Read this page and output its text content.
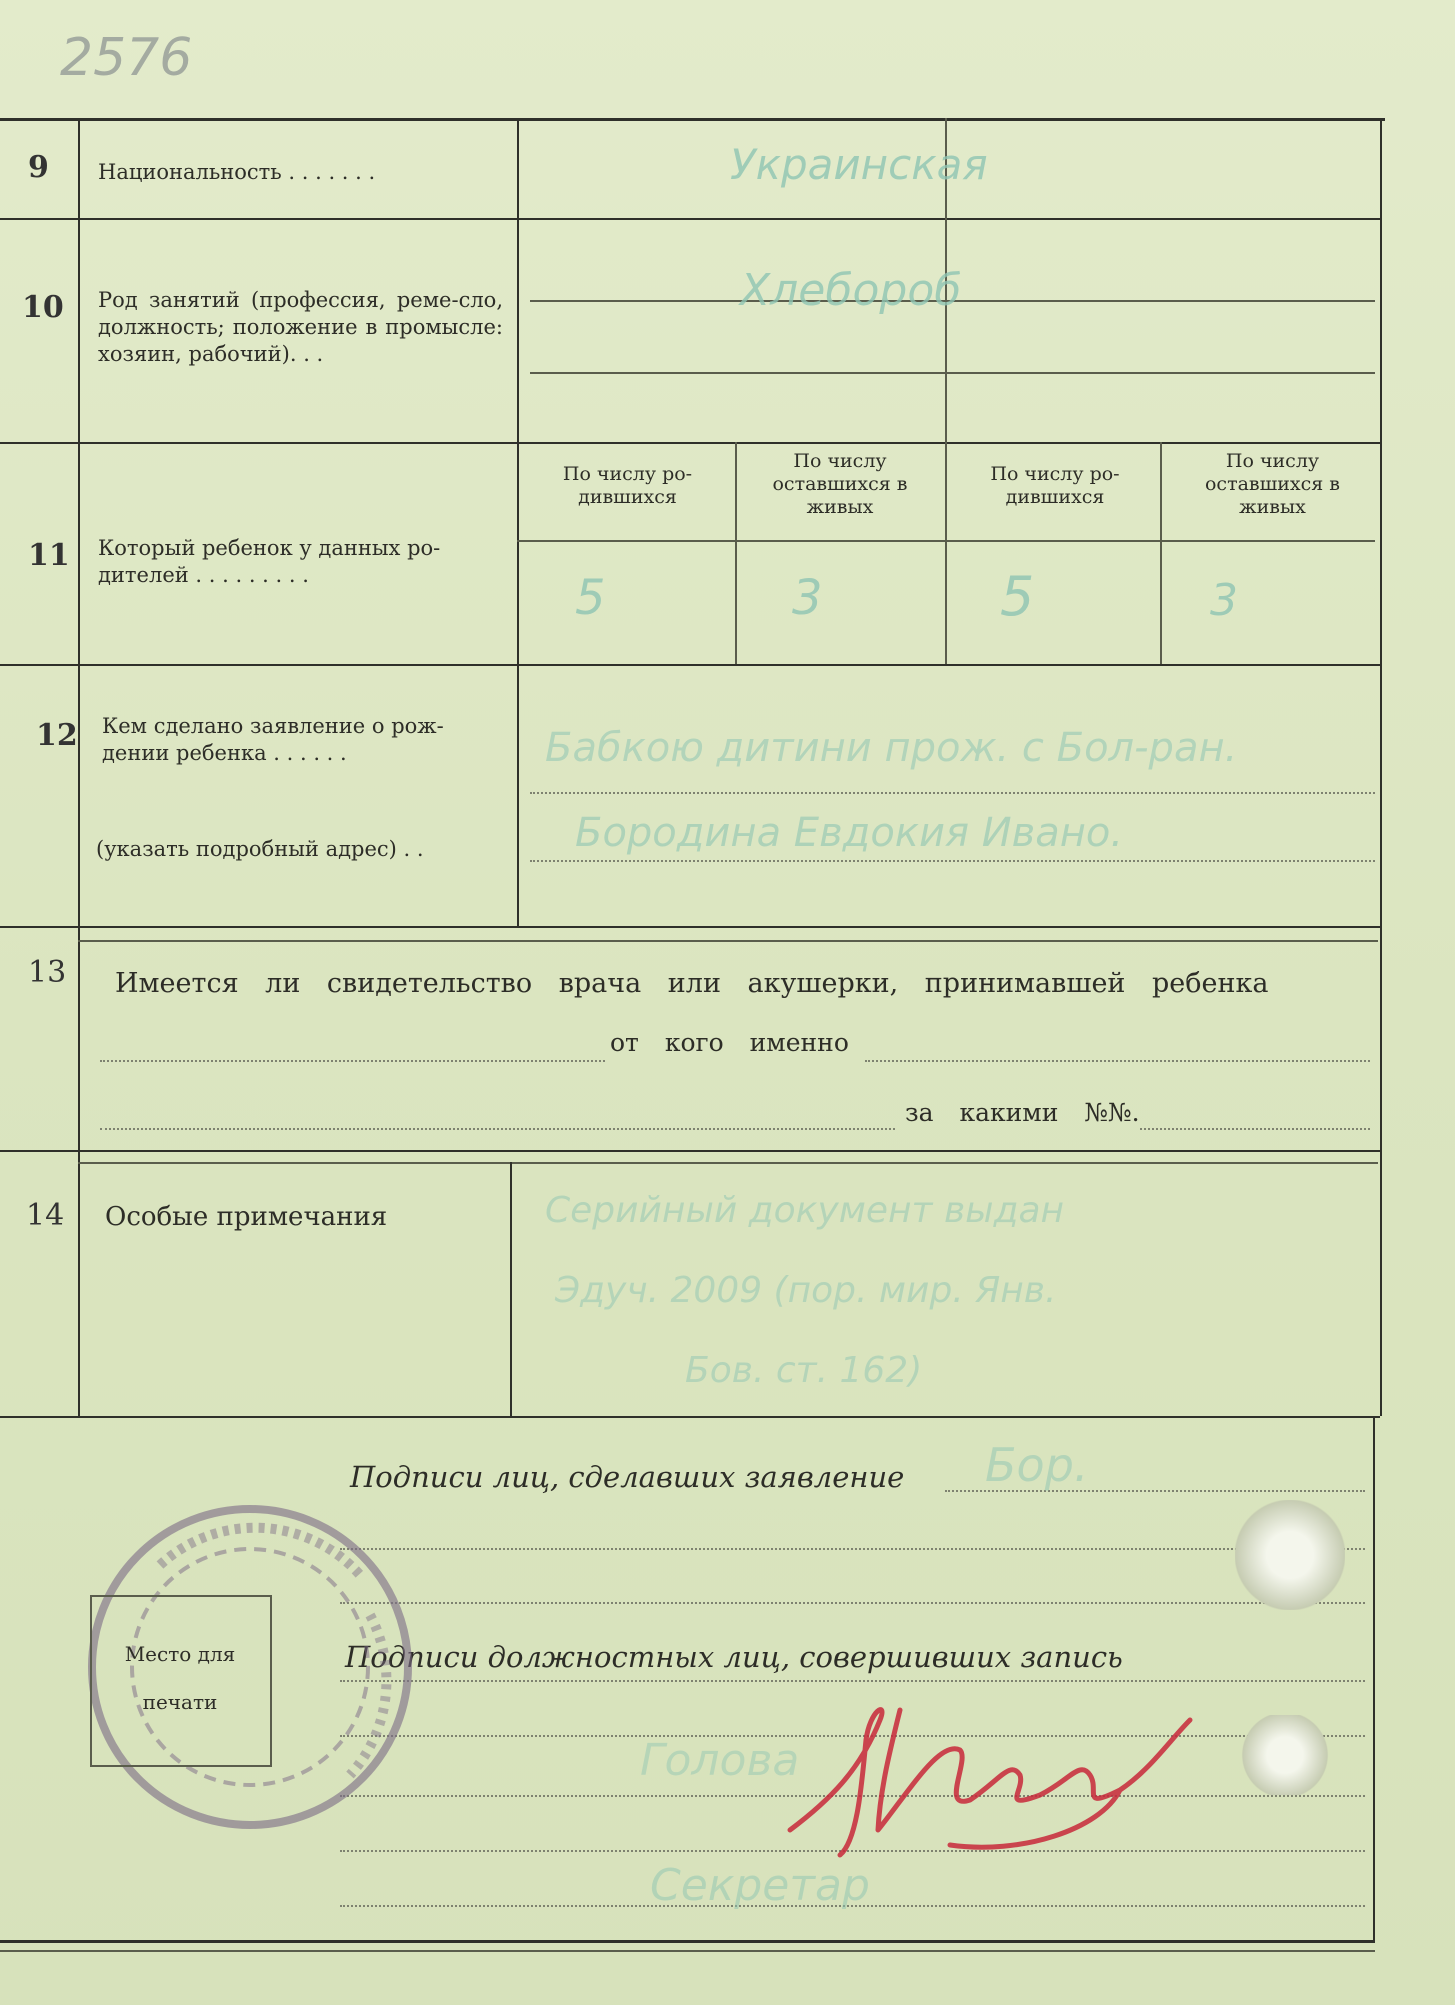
2576
9 Национальность . . . . . . .	Украинская
10 Род занятий (профессия, реме-сло, должность; положение в промысле: хозяин, рабочий). . .
Хлебороб
11 Который ребенок у данных ро-дителей . . . . . . . . .
По числу ро-дившихся
По числу оставшихся в живых
По числу ро-дившихся
По числу оставшихся в живых
5	3	5	3
12 Кем сделано заявление о рож-дении ребенка . . . . . .
(указать подробный адрес) . .
Бабкою дитини прож. с Бол-ран.
Бородина Евдокия Ивано.
13 Имеется ли свидетельство врача или акушерки, принимавшей ребенка
от кого именно
за какими №№.
14 Особые примечания	Серийный документ выдан
Эдуч. 2009 (пор. мир. Янв.
Бов. ст. 162)
Подписи лиц, сделавших заявление Бор.
Подписи должностных лиц, совершивших запись
Голова
Секретар
Место для печати
